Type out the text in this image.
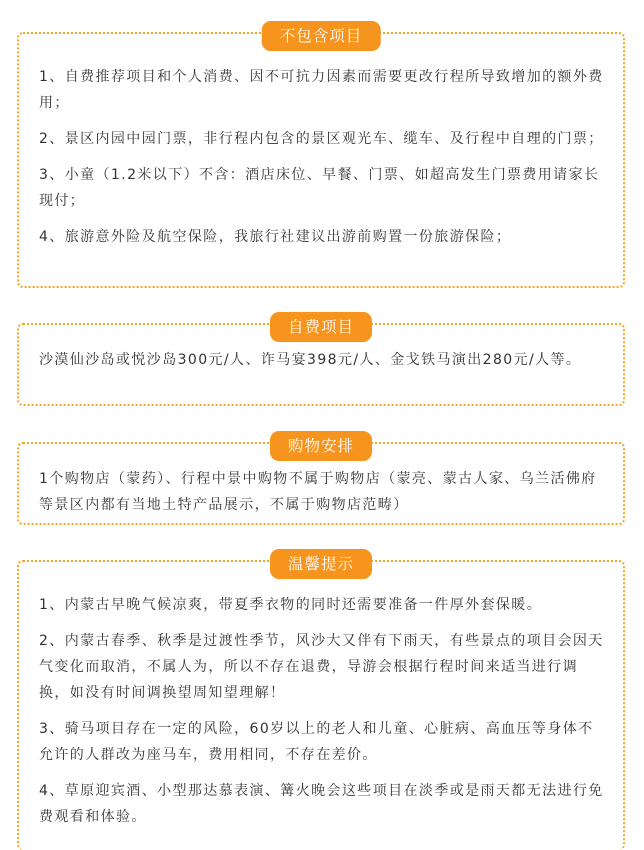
不包含项目

1、自费推荐项目和个人消费、因不可抗力因素而需要更改行程所导致增加的额外费用；

2、景区内园中园门票，非行程内包含的景区观光车、缆车、及行程中自理的门票；

3、小童（1.2米以下）不含：酒店床位、早餐、门票、如超高发生门票费用请家长现付；

4、旅游意外险及航空保险，我旅行社建议出游前购置一份旅游保险；

自费项目

沙漠仙沙岛或悦沙岛300元/人、诈马宴398元/人、金戈铁马演出280元/人等。

购物安排

1个购物店（蒙药）、行程中景中购物不属于购物店（蒙亮、蒙古人家、乌兰活佛府等景区内都有当地土特产品展示，不属于购物店范畴）

温馨提示

1、内蒙古早晚气候凉爽，带夏季衣物的同时还需要准备一件厚外套保暖。

2、内蒙古春季、秋季是过渡性季节，风沙大又伴有下雨天，有些景点的项目会因天气变化而取消，不属人为，所以不存在退费，导游会根据行程时间来适当进行调换，如没有时间调换望周知望理解！

3、骑马项目存在一定的风险，60岁以上的老人和儿童、心脏病、高血压等身体不允许的人群改为座马车，费用相同，不存在差价。

4、草原迎宾酒、小型那达慕表演、篝火晚会这些项目在淡季或是雨天都无法进行免费观看和体验。
